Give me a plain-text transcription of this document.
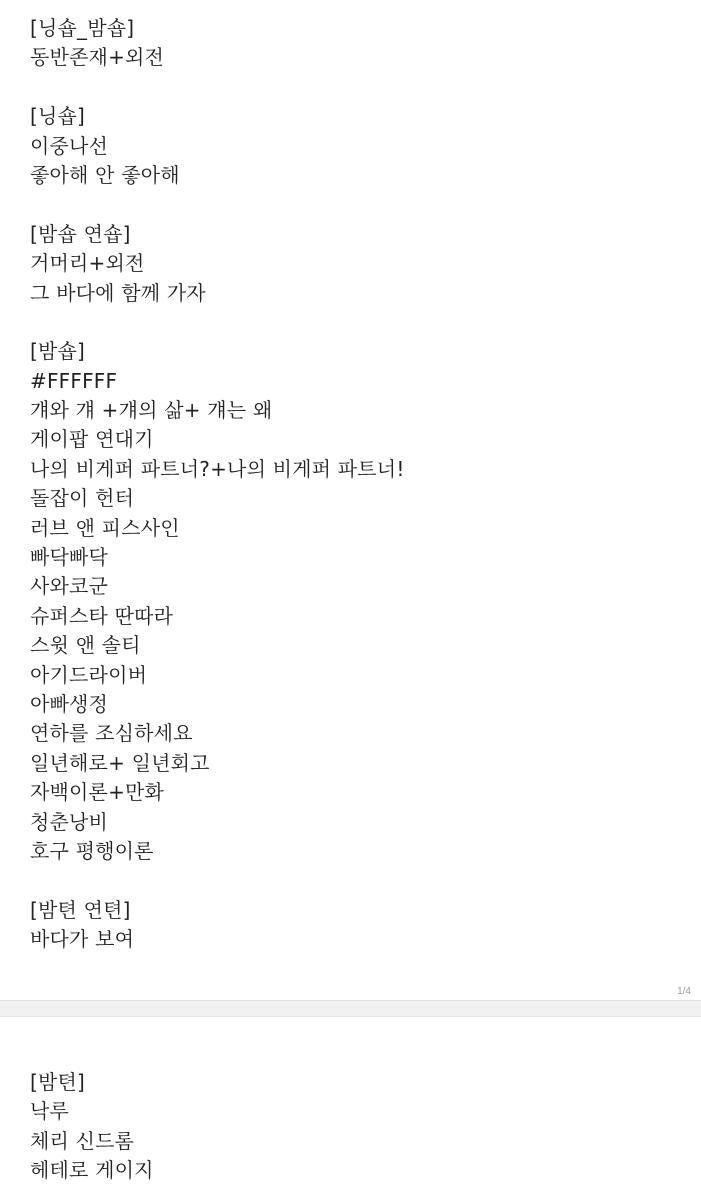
[닝숍_밤숍]
동반존재+외전
[닝숍]
이중나선
좋아해 안 좋아해
[밤숍 연숍]
거머리+외전
그 바다에 함께 가자
[밤숍]
#FFFFFF
걔와 걔 +걔의 삶+ 걔는 왜
게이팝 연대기
나의 비게퍼 파트너?+나의 비게퍼 파트너!
돌잡이 헌터
러브 앤 피스사인
빠닥빠닥
사와코군
슈퍼스타 딴따라
스윗 앤 솔티
아기드라이버
아빠생정
연하를 조심하세요
일년해로+ 일년회고
자백이론+만화
청춘낭비
호구 평행이론
[밤텬 연텬]
바다가 보여
1/4
[밤텬]
낙루
체리 신드롬
헤테로 게이지
